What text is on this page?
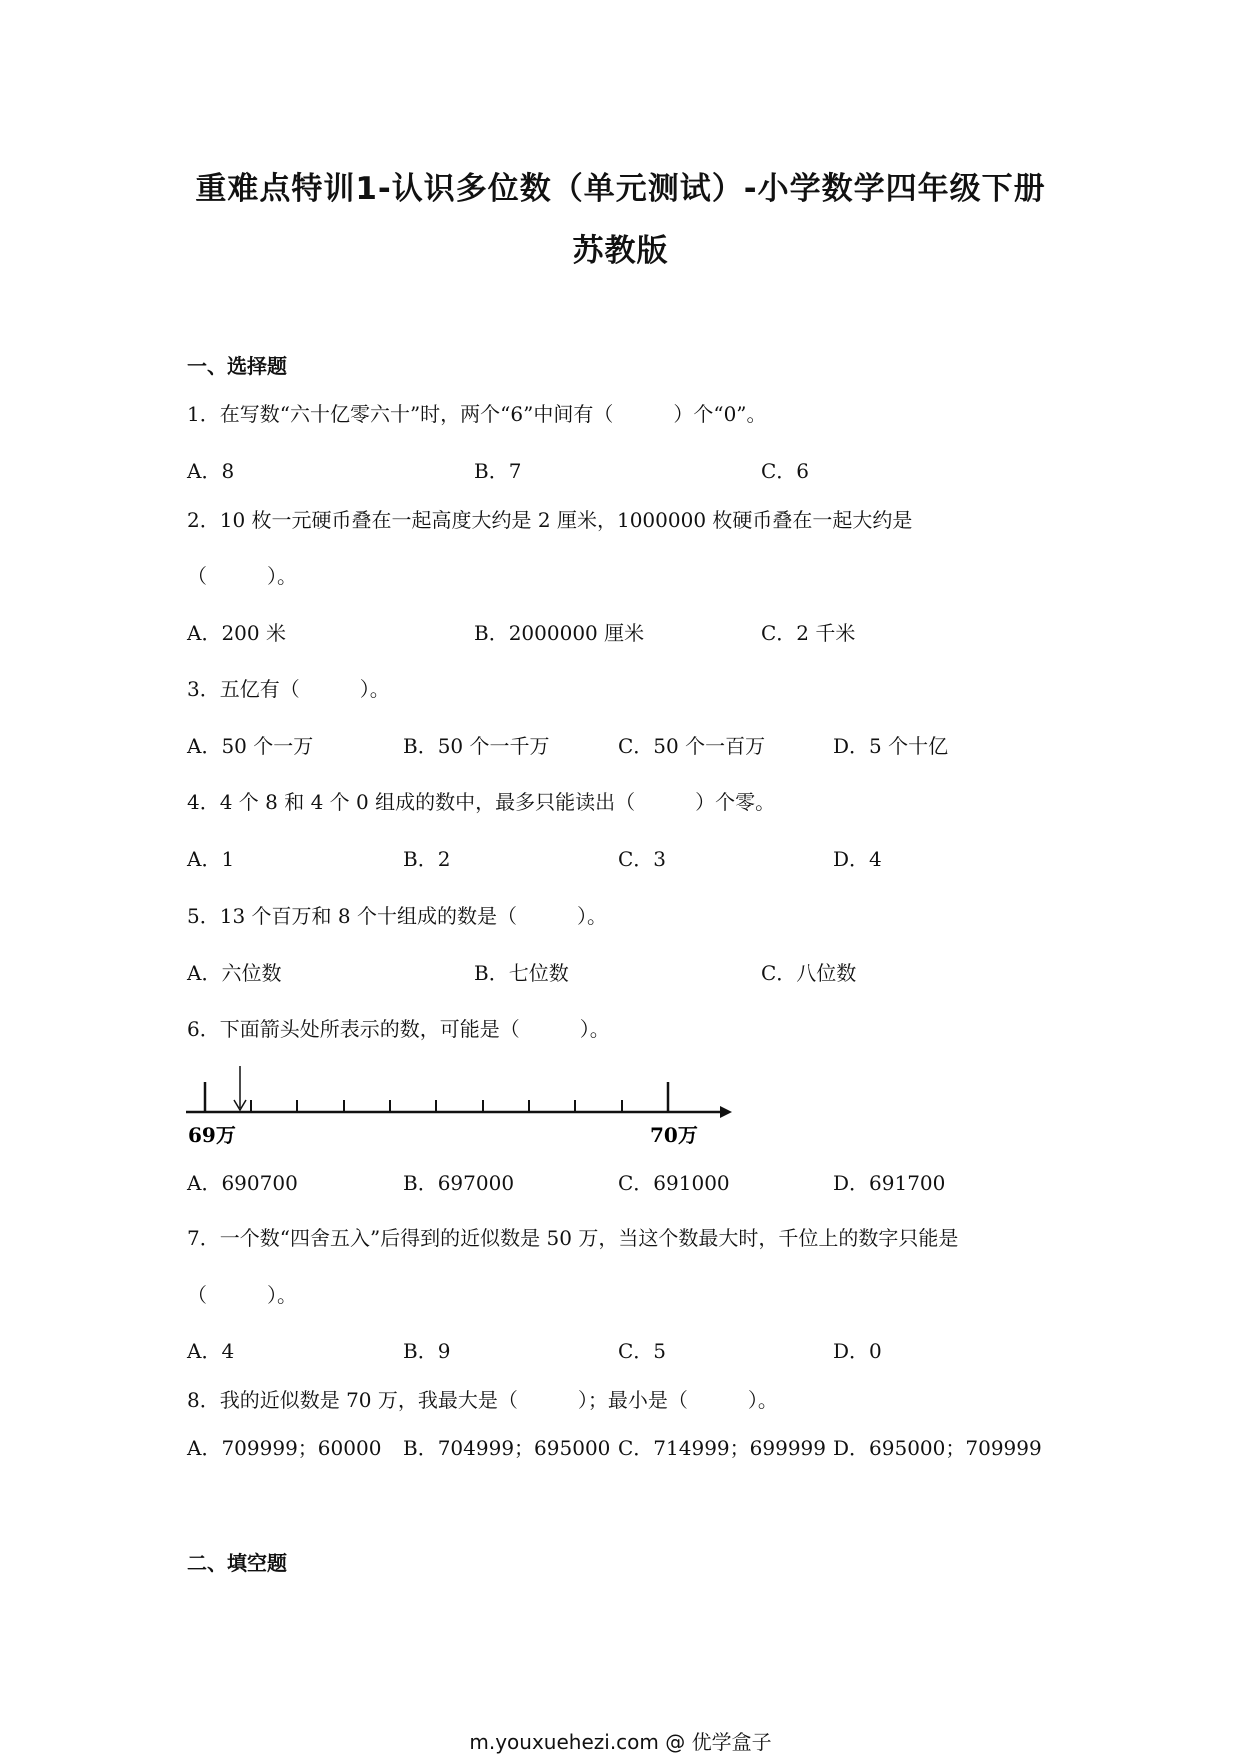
重难点特训1-认识多位数（单元测试）-小学数学四年级下册
苏教版
一、选择题
1．在写数“六十亿零六十”时，两个“6”中间有（　　　）个“0”。
A．8	B．7	C．6
2．10 枚一元硬币叠在一起高度大约是 2 厘米，1000000 枚硬币叠在一起大约是
（　　　）。
A．200 米	B．2000000 厘米	C．2 千米
3．五亿有（　　　）。
A．50 个一万	B．50 个一千万	C．50 个一百万	D．5 个十亿
4．4 个 8 和 4 个 0 组成的数中，最多只能读出（　　　）个零。
A．1	B．2	C．3	D．4
5．13 个百万和 8 个十组成的数是（　　　）。
A．六位数	B．七位数	C．八位数
6．下面箭头处所表示的数，可能是（　　　）。
69万	70万
A．690700	B．697000	C．691000	D．691700
7．一个数“四舍五入”后得到的近似数是 50 万，当这个数最大时，千位上的数字只能是
（　　　）。
A．4	B．9	C．5	D．0
8．我的近似数是 70 万，我最大是（　　　）；最小是（　　　）。
A．709999；60000 B．704999；695000 C．714999；699999 D．695000；709999
二、填空题
m.youxuehezi.com @ 优学盒子
